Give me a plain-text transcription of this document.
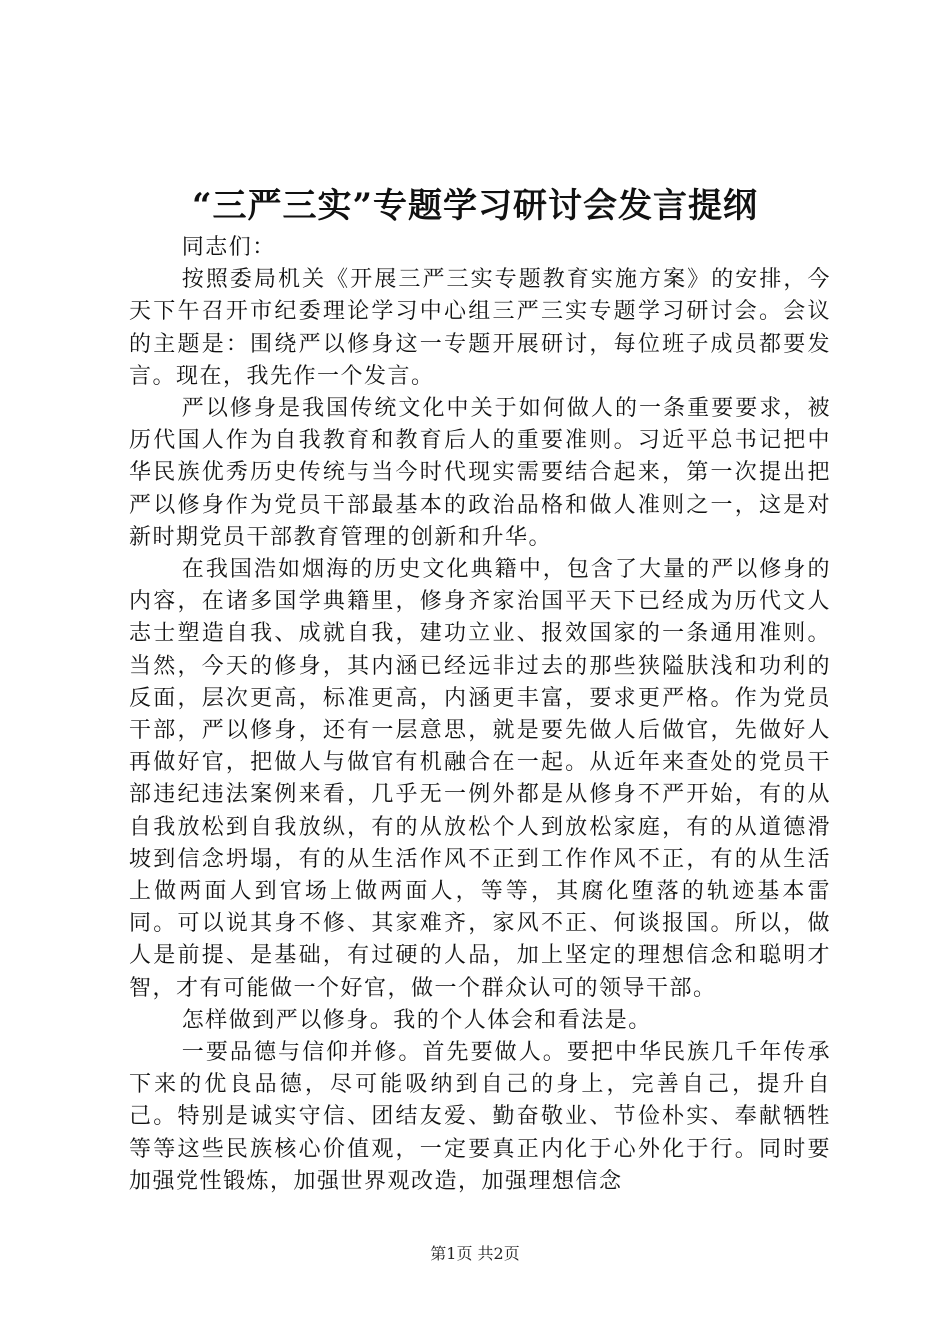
“三严三实”专题学习研讨会发言提纲

同志们：

按照委局机关《开展三严三实专题教育实施方案》的安排，今天下午召开市纪委理论学习中心组三严三实专题学习研讨会。会议的主题是：围绕严以修身这一专题开展研讨，每位班子成员都要发言。现在，我先作一个发言。

严以修身是我国传统文化中关于如何做人的一条重要要求，被历代国人作为自我教育和教育后人的重要准则。习近平总书记把中华民族优秀历史传统与当今时代现实需要结合起来，第一次提出把严以修身作为党员干部最基本的政治品格和做人准则之一，这是对新时期党员干部教育管理的创新和升华。

在我国浩如烟海的历史文化典籍中，包含了大量的严以修身的内容，在诸多国学典籍里，修身齐家治国平天下已经成为历代文人志士塑造自我、成就自我，建功立业、报效国家的一条通用准则。当然，今天的修身，其内涵已经远非过去的那些狭隘肤浅和功利的反面，层次更高，标准更高，内涵更丰富，要求更严格。作为党员干部，严以修身，还有一层意思，就是要先做人后做官，先做好人再做好官，把做人与做官有机融合在一起。从近年来查处的党员干部违纪违法案例来看，几乎无一例外都是从修身不严开始，有的从自我放松到自我放纵，有的从放松个人到放松家庭，有的从道德滑坡到信念坍塌，有的从生活作风不正到工作作风不正，有的从生活上做两面人到官场上做两面人，等等，其腐化堕落的轨迹基本雷同。可以说其身不修、其家难齐，家风不正、何谈报国。所以，做人是前提、是基础，有过硬的人品，加上坚定的理想信念和聪明才智，才有可能做一个好官，做一个群众认可的领导干部。

怎样做到严以修身。我的个人体会和看法是。

一要品德与信仰并修。首先要做人。要把中华民族几千年传承下来的优良品德，尽可能吸纳到自己的身上，完善自己，提升自己。特别是诚实守信、团结友爱、勤奋敬业、节俭朴实、奉献牺牲等等这些民族核心价值观，一定要真正内化于心外化于行。同时要加强党性锻炼，加强世界观改造，加强理想信念

第1页 共2页
